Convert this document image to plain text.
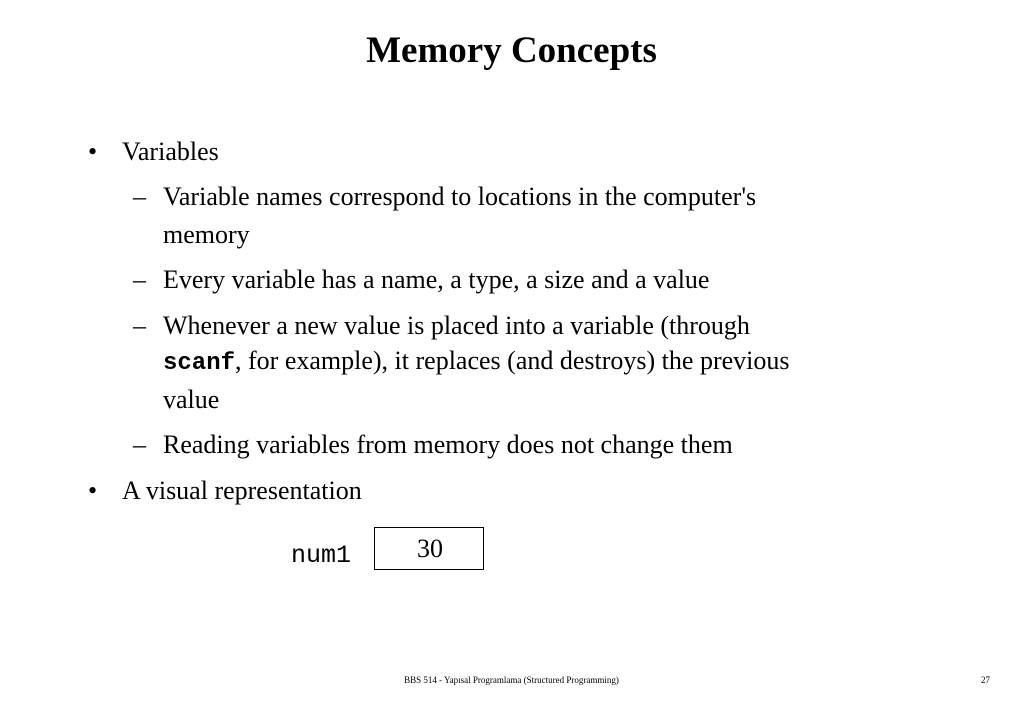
Memory Concepts
• Variables
– Variable names correspond to locations in the computer's
memory
– Every variable has a name, a type, a size and a value
– Whenever a new value is placed into a variable (through
scanf, for example), it replaces (and destroys) the previous
value
– Reading variables from memory does not change them
• A visual representation
num1	30
BBS 514 - Yapısal Programlama (Structured Programming)	27
